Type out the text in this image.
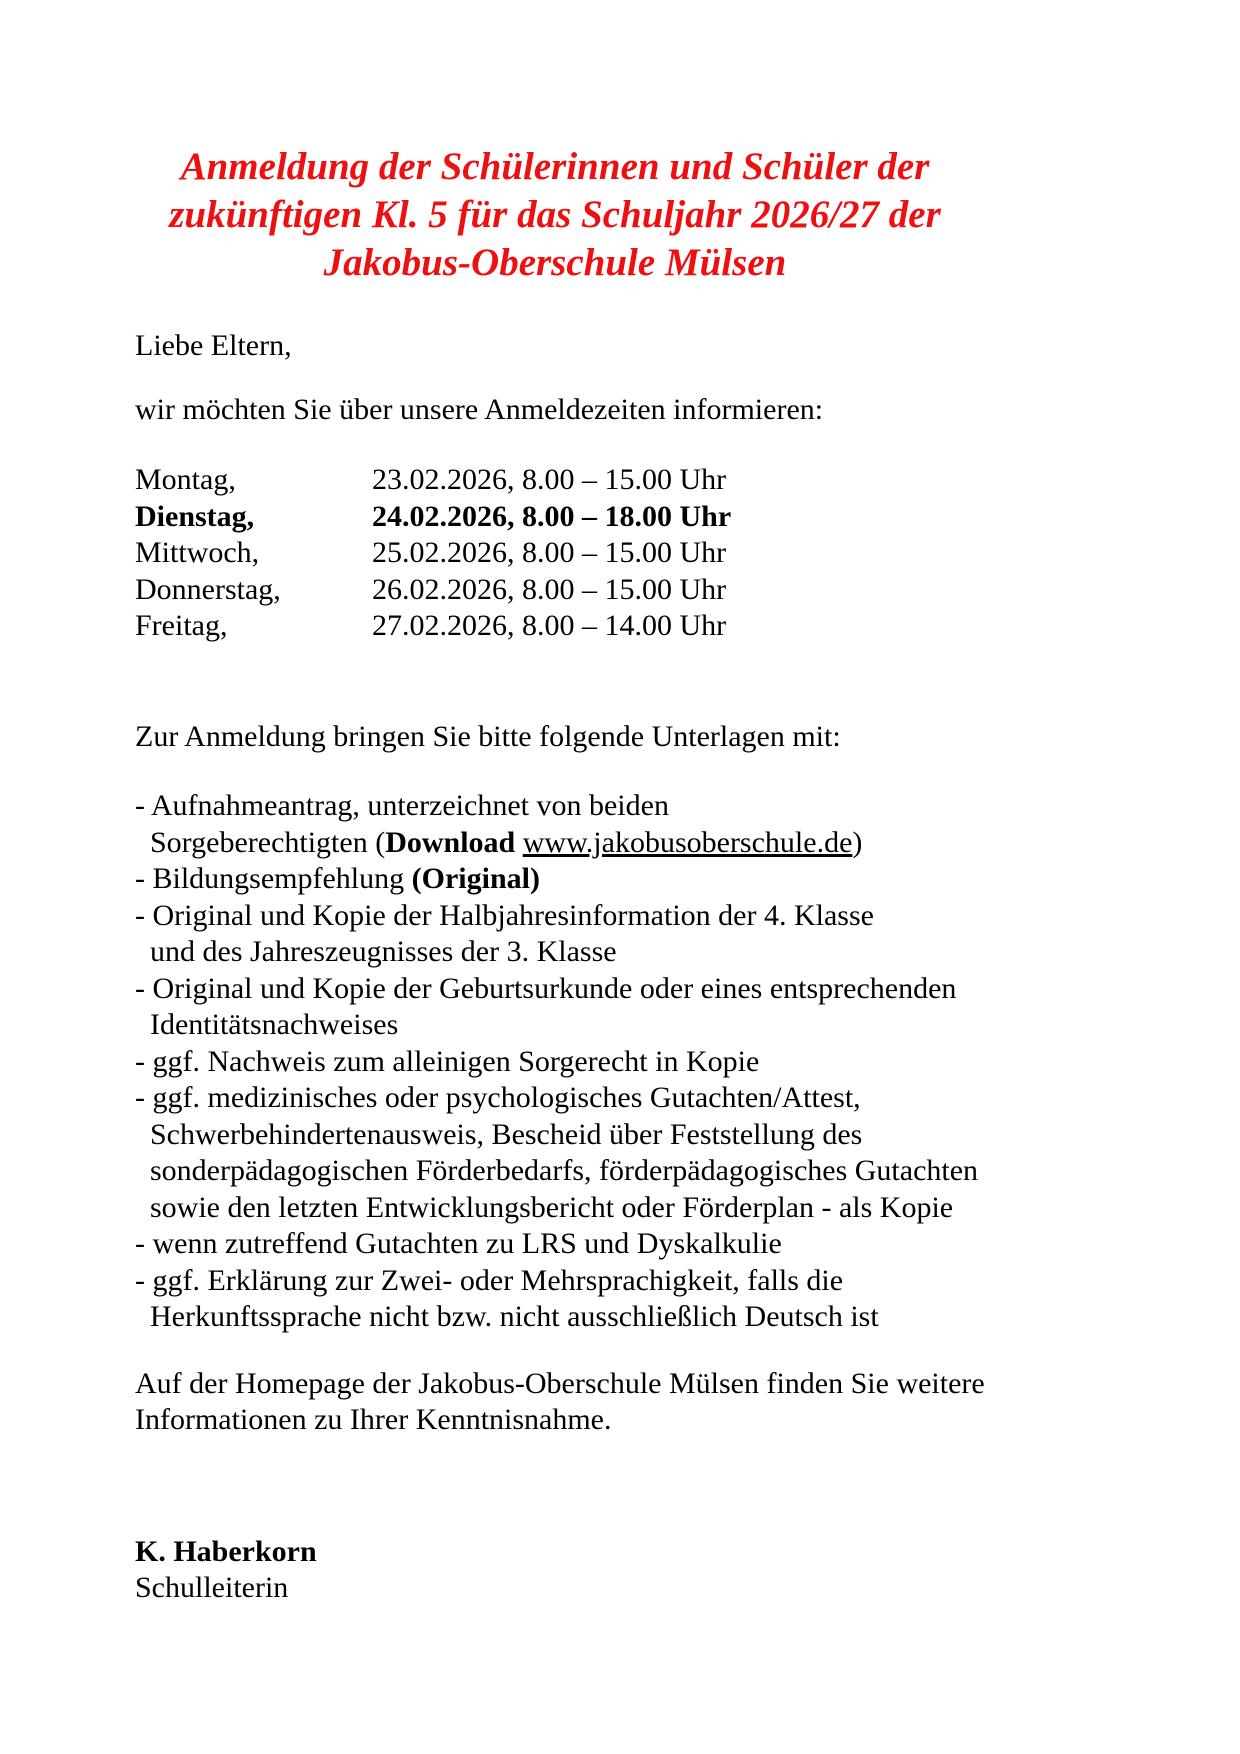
Anmeldung der Schülerinnen und Schüler der
zukünftigen Kl. 5 für das Schuljahr 2026/27 der
Jakobus-Oberschule Mülsen
Liebe Eltern,
wir möchten Sie über unsere Anmeldezeiten informieren:
Montag,	23.02.2026, 8.00 – 15.00 Uhr
Dienstag,	24.02.2026, 8.00 – 18.00 Uhr
Mittwoch,	25.02.2026, 8.00 – 15.00 Uhr
Donnerstag,	26.02.2026, 8.00 – 15.00 Uhr
Freitag,	27.02.2026, 8.00 – 14.00 Uhr
Zur Anmeldung bringen Sie bitte folgende Unterlagen mit:
- Aufnahmeantrag, unterzeichnet von beiden
Sorgeberechtigten (Download www.jakobusoberschule.de)
- Bildungsempfehlung (Original)
- Original und Kopie der Halbjahresinformation der 4. Klasse
und des Jahreszeugnisses der 3. Klasse
- Original und Kopie der Geburtsurkunde oder eines entsprechenden
Identitätsnachweises
- ggf. Nachweis zum alleinigen Sorgerecht in Kopie
- ggf. medizinisches oder psychologisches Gutachten/Attest,
Schwerbehindertenausweis, Bescheid über Feststellung des
sonderpädagogischen Förderbedarfs, förderpädagogisches Gutachten
sowie den letzten Entwicklungsbericht oder Förderplan - als Kopie
- wenn zutreffend Gutachten zu LRS und Dyskalkulie
- ggf. Erklärung zur Zwei- oder Mehrsprachigkeit, falls die
Herkunftssprache nicht bzw. nicht ausschließlich Deutsch ist
Auf der Homepage der Jakobus-Oberschule Mülsen finden Sie weitere
Informationen zu Ihrer Kenntnisnahme.
K. Haberkorn
Schulleiterin
